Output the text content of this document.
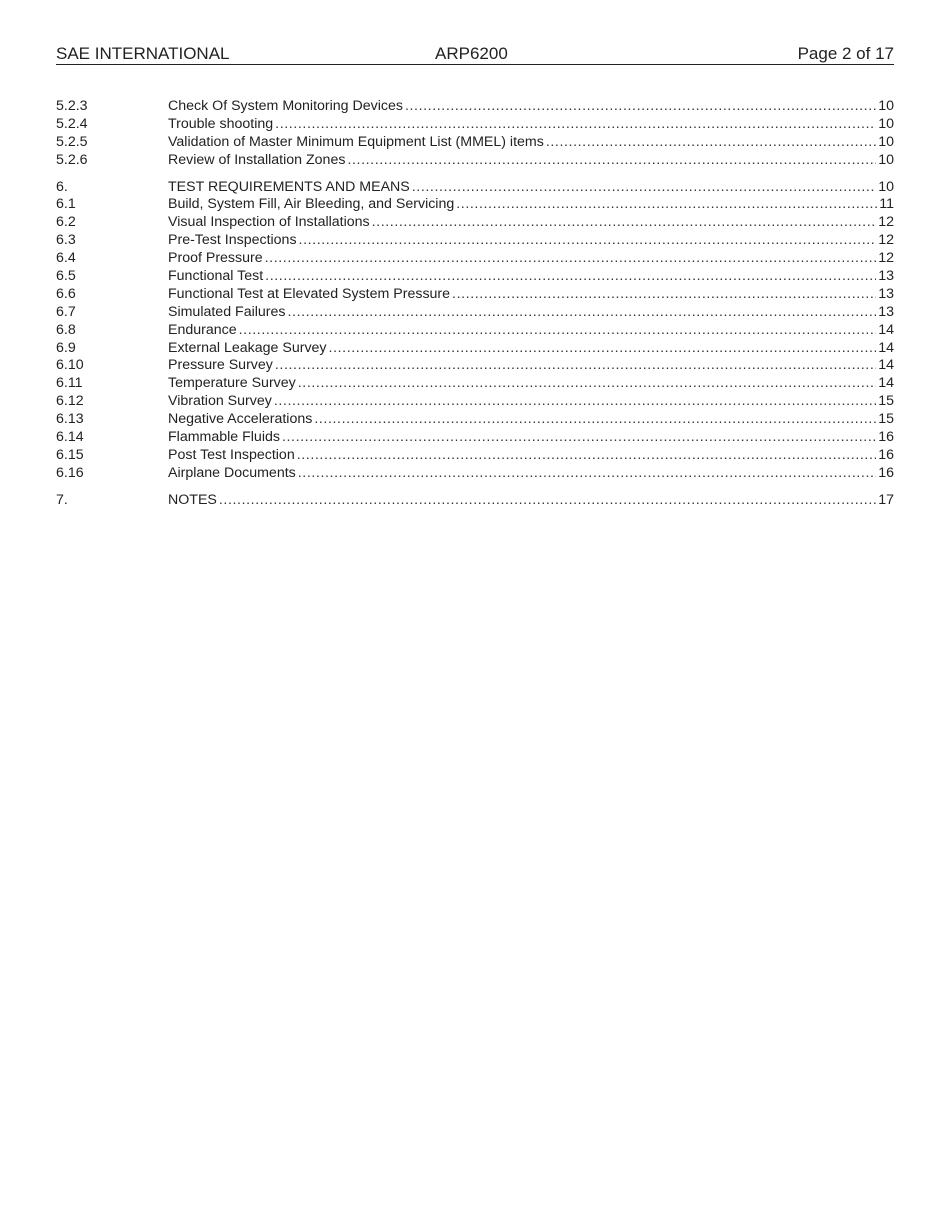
SAE INTERNATIONAL	ARP6200	Page 2 of 17
5.2.3	Check Of System Monitoring Devices .....	10
5.2.4	Trouble shooting .....	10
5.2.5	Validation of Master Minimum Equipment List (MMEL) items .....	10
5.2.6	Review of Installation Zones .....	10
6.	TEST REQUIREMENTS AND MEANS .....	10
6.1	Build, System Fill, Air Bleeding, and Servicing .....	11
6.2	Visual Inspection of Installations .....	12
6.3	Pre-Test Inspections .....	12
6.4	Proof Pressure .....	12
6.5	Functional Test .....	13
6.6	Functional Test at Elevated System Pressure .....	13
6.7	Simulated Failures .....	13
6.8	Endurance .....	14
6.9	External Leakage Survey .....	14
6.10	Pressure Survey .....	14
6.11	Temperature Survey .....	14
6.12	Vibration Survey .....	15
6.13	Negative Accelerations .....	15
6.14	Flammable Fluids .....	16
6.15	Post Test Inspection .....	16
6.16	Airplane Documents .....	16
7.	NOTES .....	17
